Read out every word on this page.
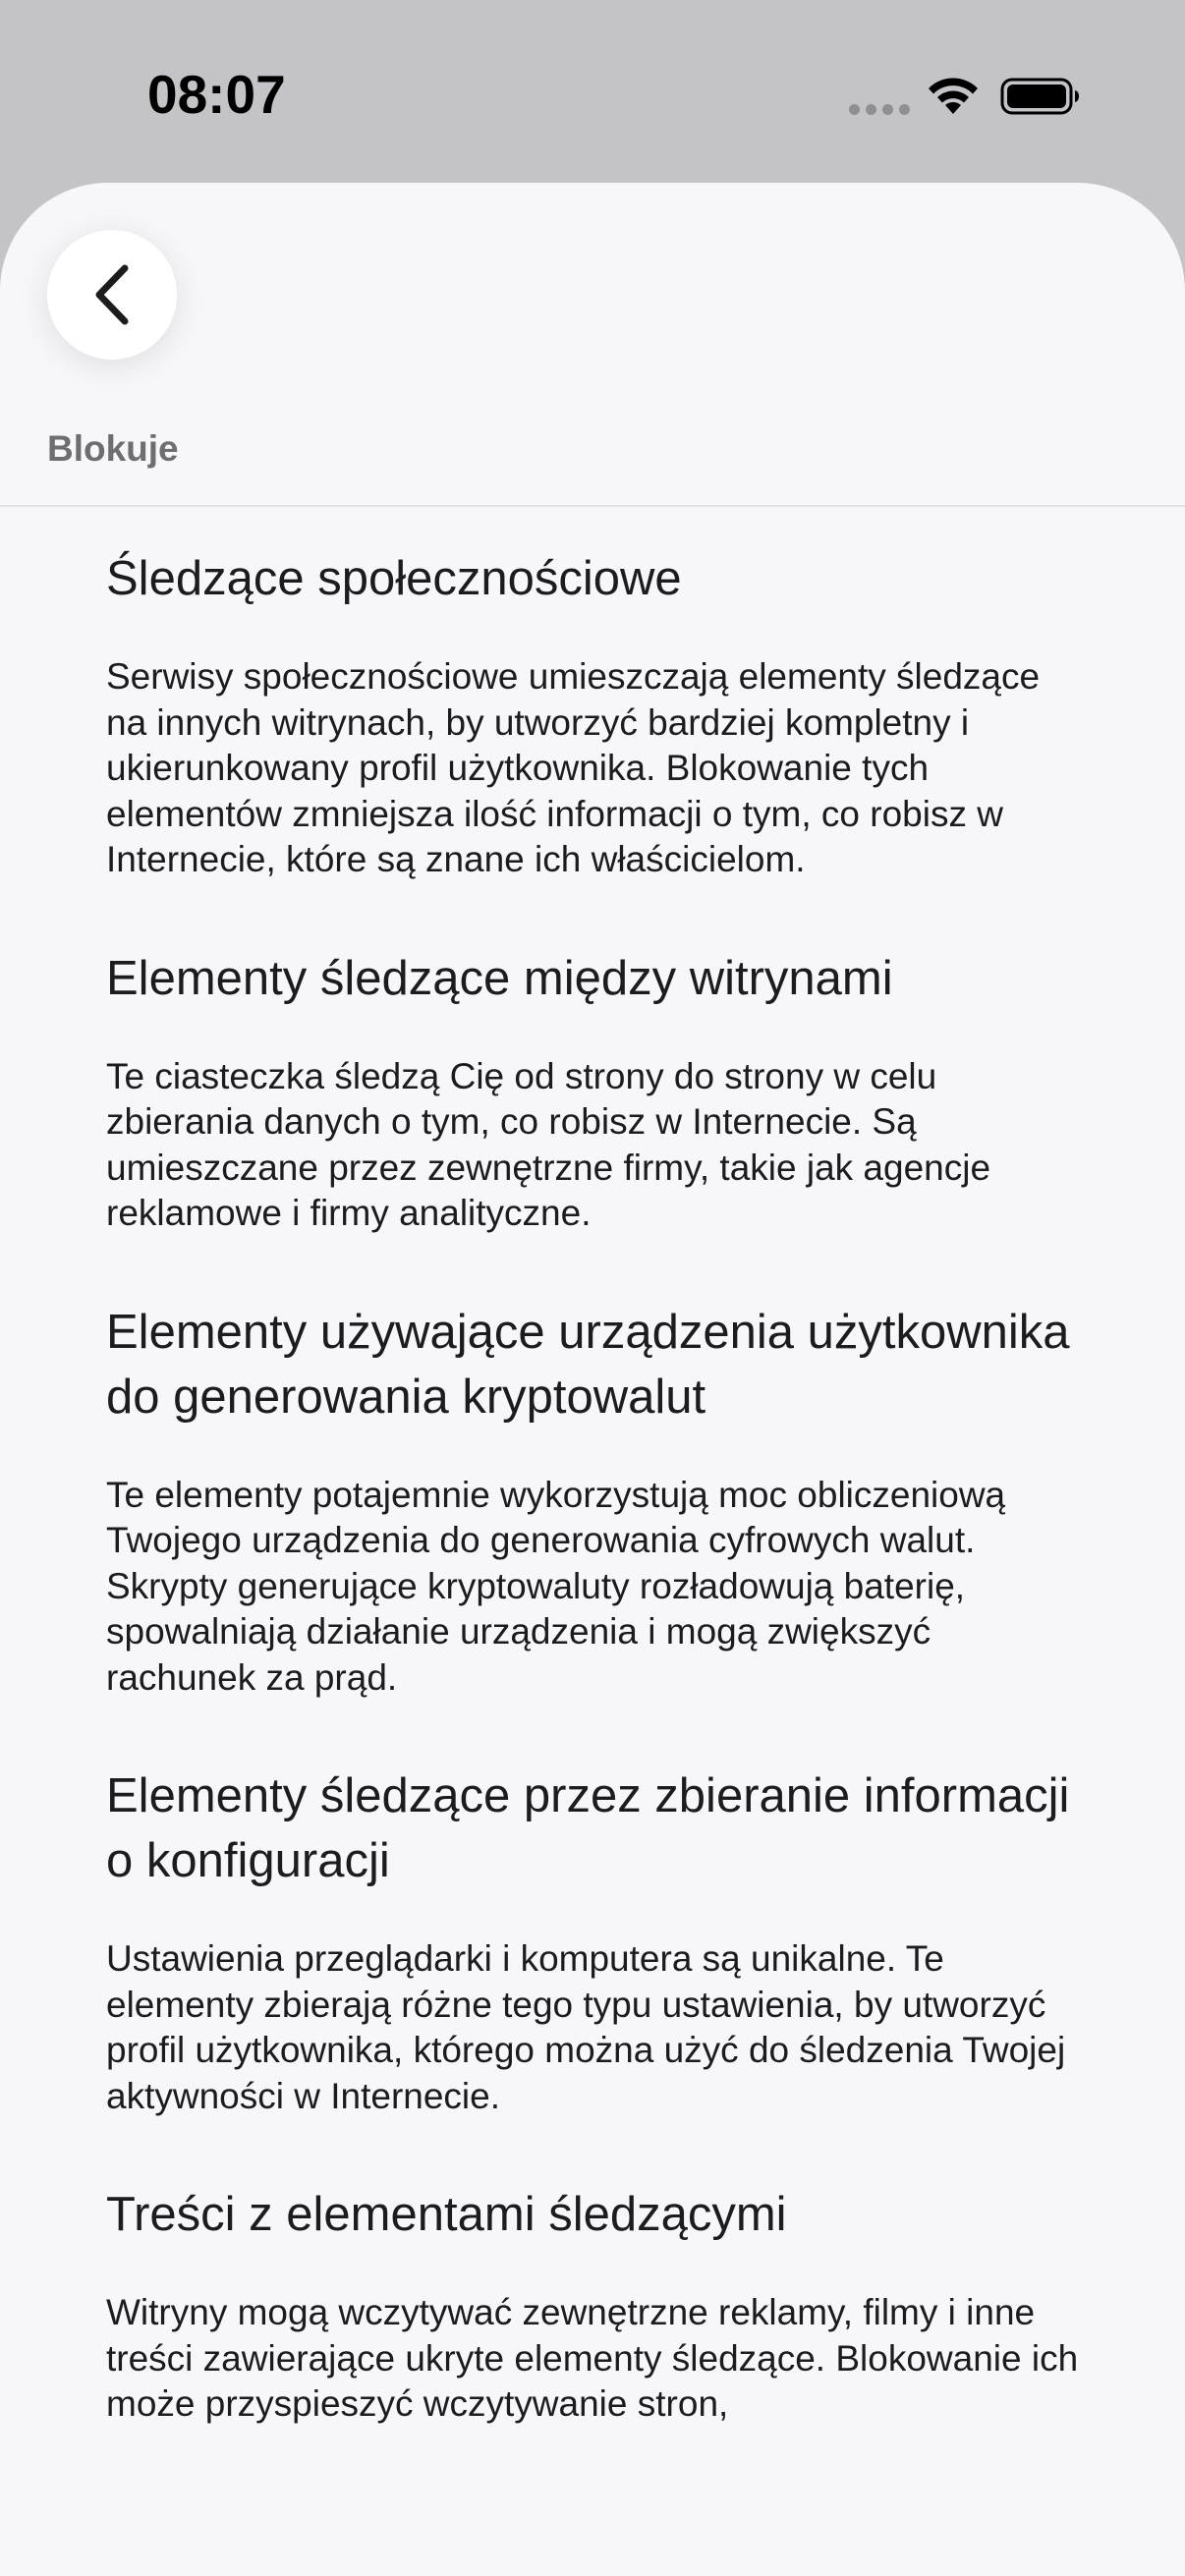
08:07
Blokuje
Śledzące społecznościowe

Serwisy społecznościowe umieszczają elementy śledzące na innych witrynach, by utworzyć bardziej kompletny i ukierunkowany profil użytkownika. Blokowanie tych elementów zmniejsza ilość informacji o tym, co robisz w Internecie, które są znane ich właścicielom.

Elementy śledzące między witrynami

Te ciasteczka śledzą Cię od strony do strony w celu zbierania danych o tym, co robisz w Internecie. Są umieszczane przez zewnętrzne firmy, takie jak agencje reklamowe i firmy analityczne.

Elementy używające urządzenia użytkownika do generowania kryptowalut

Te elementy potajemnie wykorzystują moc obliczeniową Twojego urządzenia do generowania cyfrowych walut. Skrypty generujące kryptowaluty rozładowują baterię, spowalniają działanie urządzenia i mogą zwiększyć rachunek za prąd.

Elementy śledzące przez zbieranie informacji o konfiguracji

Ustawienia przeglądarki i komputera są unikalne. Te elementy zbierają różne tego typu ustawienia, by utworzyć profil użytkownika, którego można użyć do śledzenia Twojej aktywności w Internecie.

Treści z elementami śledzącymi

Witryny mogą wczytywać zewnętrzne reklamy, filmy i inne treści zawierające ukryte elementy śledzące. Blokowanie ich może przyspieszyć wczytywanie stron,
